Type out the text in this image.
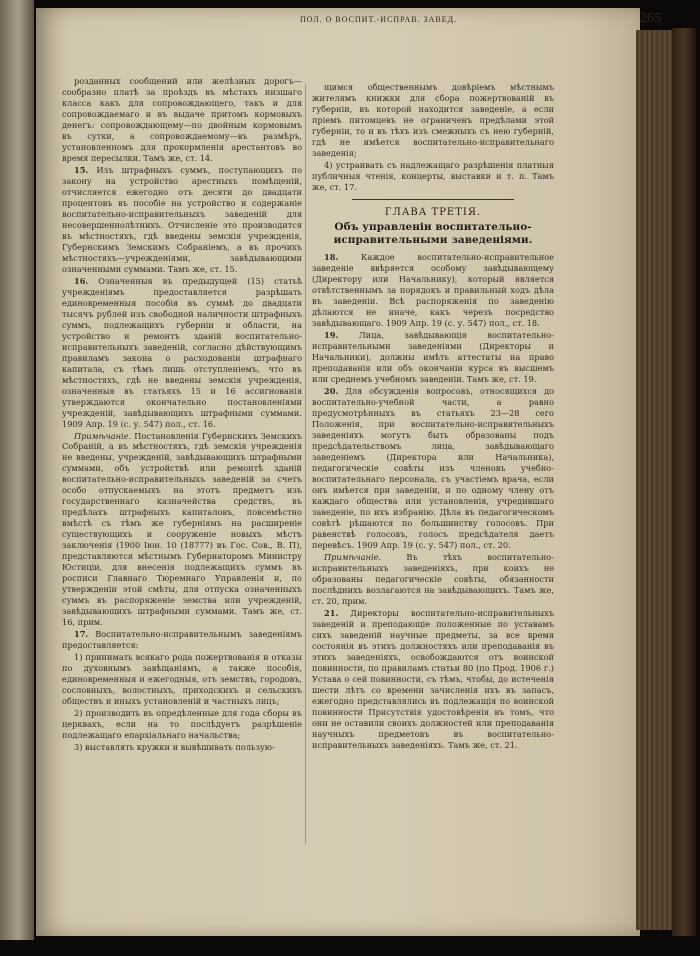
ПОЛ. О ВОСПИТ.-ИСПРАВ. ЗАВЕД.	265

розданных сообщений или желѣзных дорогъ—сообразно платѣ за проѣздъ въ мѣстахъ низшаго класса какъ для сопровождающего, такъ и для сопровождаемаго и въ выдаче притомъ кормовыхъ денегъ: сопровождающему—по двойным кормовымъ въ сутки, а сопровождаемому—въ размѣръ, установленномъ для прокормленія арестантовъ во время пересылки. Тамъ же, ст. 14.

15. Изъ штрафныхъ суммъ, поступающихъ по закону на устройство арестныхъ помѣщеній, отчисляется ежегодно отъ десяти до двадцати процентовъ въ пособіе на устройство и содержаніе воспитательно-исправительныхъ заведеній для несовершеннолѣтнихъ. Отчисленіе это производится въ мѣстностяхъ, гдѣ введены земскія учрежденія, Губернскимъ Земскимъ Собраніемъ, а въ прочихъ мѣстностяхъ—учрежденіями, завѣдывающими означенными суммами. Тамъ же, ст. 15.

16. Означенныя въ предыдущей (15) статьѣ учрежденіямъ предоставляется разрѣшать единовременныя пособія въ суммѣ до двадцати тысячъ рублей изъ свободной наличности штрафныхъ суммъ, подлежащихъ губерніи и области, на устройство и ремонтъ зданій воспитательно-исправительныхъ заведеній, согласно дѣйствующимъ правиламъ закона о расходованіи штрафнаго капитала, съ тѣмъ лишь отступленіемъ, что въ мѣстностяхъ, гдѣ не введены земскія учрежденія, означенныя въ статьяхъ 15 и 16 ассигнованія утверждаются окончательно постановленіями учрежденій, завѣдывающихъ штрафными суммами. 1909 Апр. 19 (с. у. 547) пол., ст. 16.

Примѣчаніе. Постановленія Губернскихъ Земскихъ Собраній, а въ мѣстностяхъ, гдѣ земскія учрежденія не введены, учрежденій, завѣдывающихъ штрафными суммами, объ устройствѣ или ремонтѣ зданій воспитательно-исправительныхъ заведеній за счетъ особо отпускаемыхъ на этотъ предметъ изъ государственнаго казначейства средствъ, въ предѣлахъ штрафныхъ капиталовъ, повсемѣстно вмѣстѣ съ тѣмъ же губерніямъ на расширеніе существующихъ и сооруженіе новыхъ мѣстъ заключенія (1900 Іюн. 10 (18777) въ Гос. Сов., В. П), представляются мѣстнымъ Губернаторомъ Министру Юстиціи, для внесенія подлежащихъ суммъ въ росписи Главнаго Тюремнаго Управленія и, по утвержденіи этой смѣты, для отпуска означенныхъ суммъ въ распоряженіе земства или учрежденій, завѣдывающихъ штрафными суммами. Тамъ же, ст. 16, прим.

17. Воспитательно-исправительнымъ заведеніямъ предоставляется:

1) принимать всякаго рода пожертвованія и отказы по духовнымъ завѣщаніямъ, а также пособія, единовременныя и ежегодныя, отъ земствъ, городовъ, сословныхъ, волостныхъ, приходскихъ и сельскихъ обществъ и иныхъ установленій и частныхъ лицъ;

2) производить въ опредѣленные для года сборы въ церквахъ, если на то послѣдуетъ разрѣшеніе подлежащаго епархіальнаго начальства;

3) выставлять кружки и вывѣшивать пользую-

щимся общественнымъ довѣріемъ мѣстнымъ жителямъ книжки для сбора пожертвованій въ губерніи, въ которой находится заведеніе, а если пріемъ питомцевъ не ограниченъ предѣлами этой губерніи, то и въ тѣхъ изъ смежныхъ съ нею губерній, гдѣ не имѣется воспитательно-исправительнаго заведенія;

4) устраивать съ надлежащаго разрѣшенія платныя публичныя чтенія, концерты, выставки и т. п. Тамъ же, ст. 17.

ГЛАВА ТРЕТІЯ.
Объ управленіи воспитательно-исправительными заведеніями.

18.	Каждое воспитательно-исправительное заведеніе ввѣряется особому завѣдывающему (Директору или Начальнику), который является отвѣтственнымъ за порядокъ и правильный ходъ дѣла въ заведеніи. Всѣ распоряженія по заведенію дѣлаются не иначе, какъ черезъ посредство завѣдывающаго. 1909 Апр. 19 (с. у. 547) пол., ст. 18.

19.	Лица, завѣдывающія воспитательно-исправительными заведеніями (Директоры и Начальники), должны имѣть аттестаты на право преподаванія или объ окончаніи курса въ высшемъ или среднемъ учебномъ заведеніи. Тамъ же, ст. 19.

20. Для обсужденія вопросовъ, относящихся до воспитательно-учебной части, а равно предусмотрѣнныхъ въ статьяхъ 23—28 сего Положенія, при воспитательно-исправительныхъ заведеніяхъ могутъ быть образованы подъ предсѣдательствомъ лица, завѣдывающаго заведеніемъ (Директора или Начальника), педагогическіе совѣты изъ членовъ учебно-воспитательнаго персонала, съ участіемъ врача, если онъ имѣется при заведеніи, и по одному члену отъ каждаго общества или установленія, учредившаго заведеніе, по ихъ избранію. Дѣла въ педагогическомъ совѣтѣ рѣшаются по большинству голосовъ. При равенствѣ голосовъ, голосъ предсѣдателя даетъ перевѣсъ. 1909 Апр. 19 (с. у. 547) пол., ст. 20.

Примѣчаніе.	Въ тѣхъ воспитательно-исправительныхъ заведеніяхъ, при коихъ не образованы педагогическіе совѣты, обязанности послѣднихъ возлагаются на завѣдывающихъ. Тамъ же, ст. 20, прим.

21. Директоры воспитательно-исправительныхъ заведеній и преподающіе положенные по уставамъ сихъ заведеній научные предметы, за все время состоянія въ этихъ должностяхъ или преподаванія въ этихъ заведеніяхъ, освобождаются отъ воинской повинности, по правиламъ статьи 80 (по Прод. 1906 г.) Устава о сей повинности, съ тѣмъ, чтобы, до истеченія шести лѣтъ со времени зачисленія ихъ въ запасъ, ежегодно представлялись въ подлежащія по воинской повинности Присутствія удостовѣренія въ томъ, что они не оставили своихъ должностей или преподаванія научныхъ предметовъ въ воспитательно-исправительныхъ заведеніяхъ. Тамъ же, ст. 21.
